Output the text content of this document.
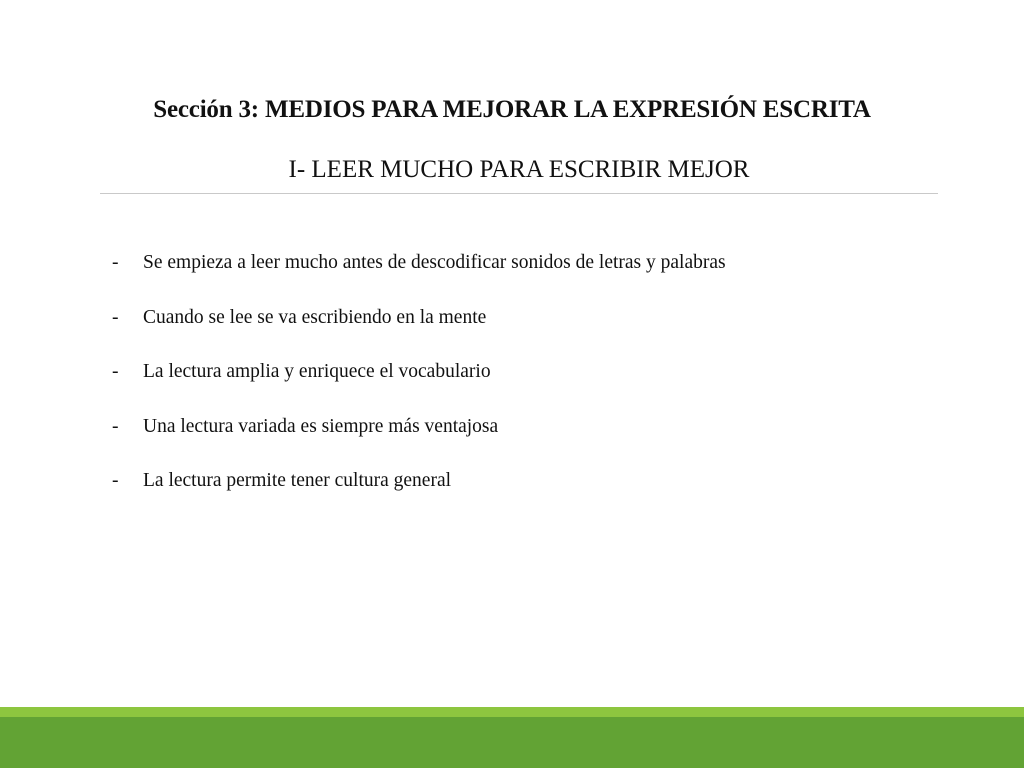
Sección 3: MEDIOS PARA MEJORAR LA EXPRESIÓN ESCRITA
I- LEER MUCHO PARA ESCRIBIR MEJOR
- Se empieza a leer mucho antes de descodificar sonidos de letras y palabras
- Cuando se lee se va escribiendo en la mente
- La lectura amplia y enriquece el vocabulario
- Una lectura variada es siempre más ventajosa
- La lectura permite tener cultura general
